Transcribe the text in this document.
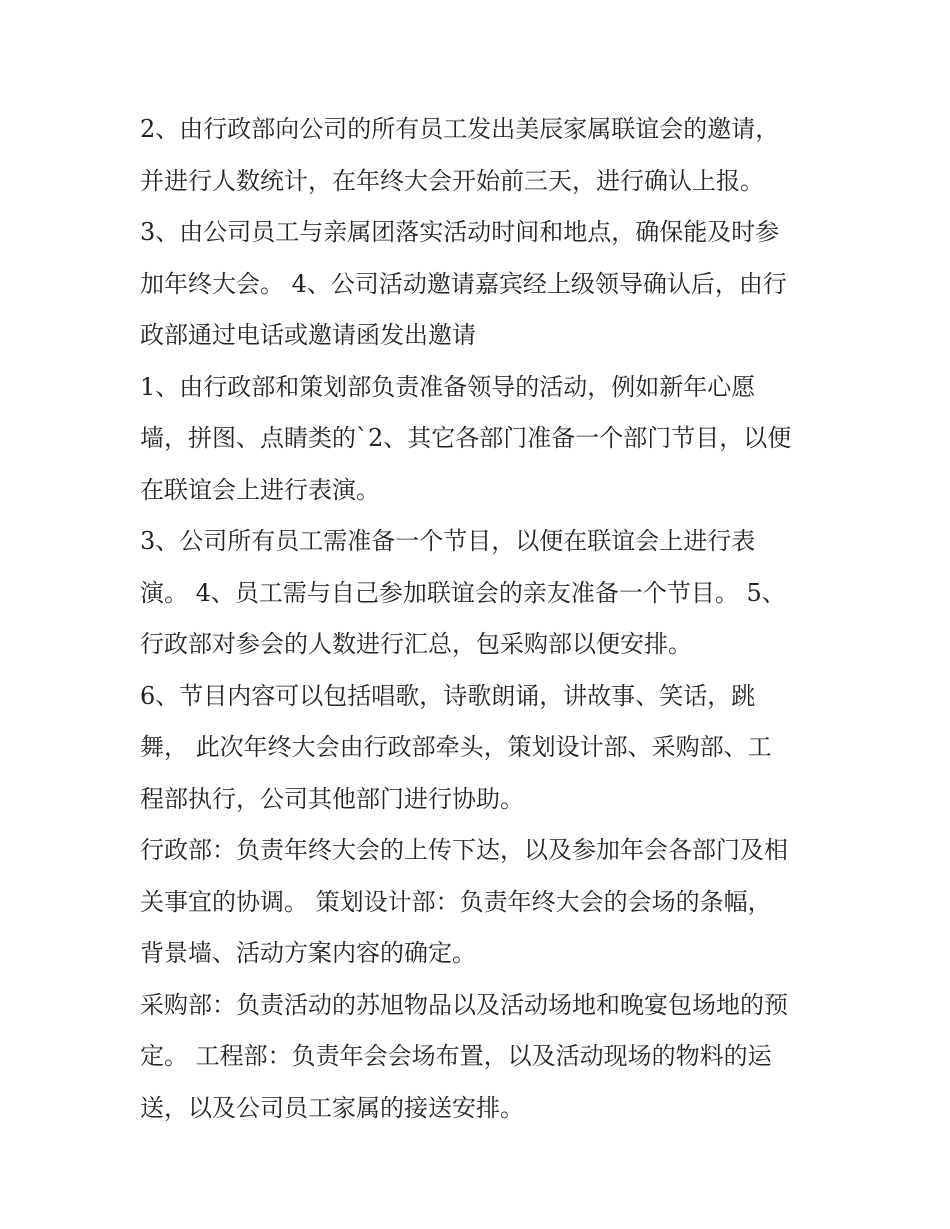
2、由行政部向公司的所有员工发出美辰家属联谊会的邀请，
并进行人数统计，在年终大会开始前三天，进行确认上报。

3、由公司员工与亲属团落实活动时间和地点，确保能及时参
加年终大会。 4、公司活动邀请嘉宾经上级领导确认后，由行
政部通过电话或邀请函发出邀请

1、由行政部和策划部负责准备领导的活动，例如新年心愿
墙，拼图、点睛类的`2、其它各部门准备一个部门节目，以便
在联谊会上进行表演。

3、公司所有员工需准备一个节目，以便在联谊会上进行表
演。 4、员工需与自己参加联谊会的亲友准备一个节目。 5、
行政部对参会的人数进行汇总，包采购部以便安排。

6、节目内容可以包括唱歌，诗歌朗诵，讲故事、笑话，跳
舞， 此次年终大会由行政部牵头，策划设计部、采购部、工
程部执行，公司其他部门进行协助。

行政部：负责年终大会的上传下达，以及参加年会各部门及相
关事宜的协调。 策划设计部：负责年终大会的会场的条幅，
背景墙、活动方案内容的确定。

采购部：负责活动的苏旭物品以及活动场地和晚宴包场地的预
定。 工程部：负责年会会场布置，以及活动现场的物料的运
送，以及公司员工家属的接送安排。
